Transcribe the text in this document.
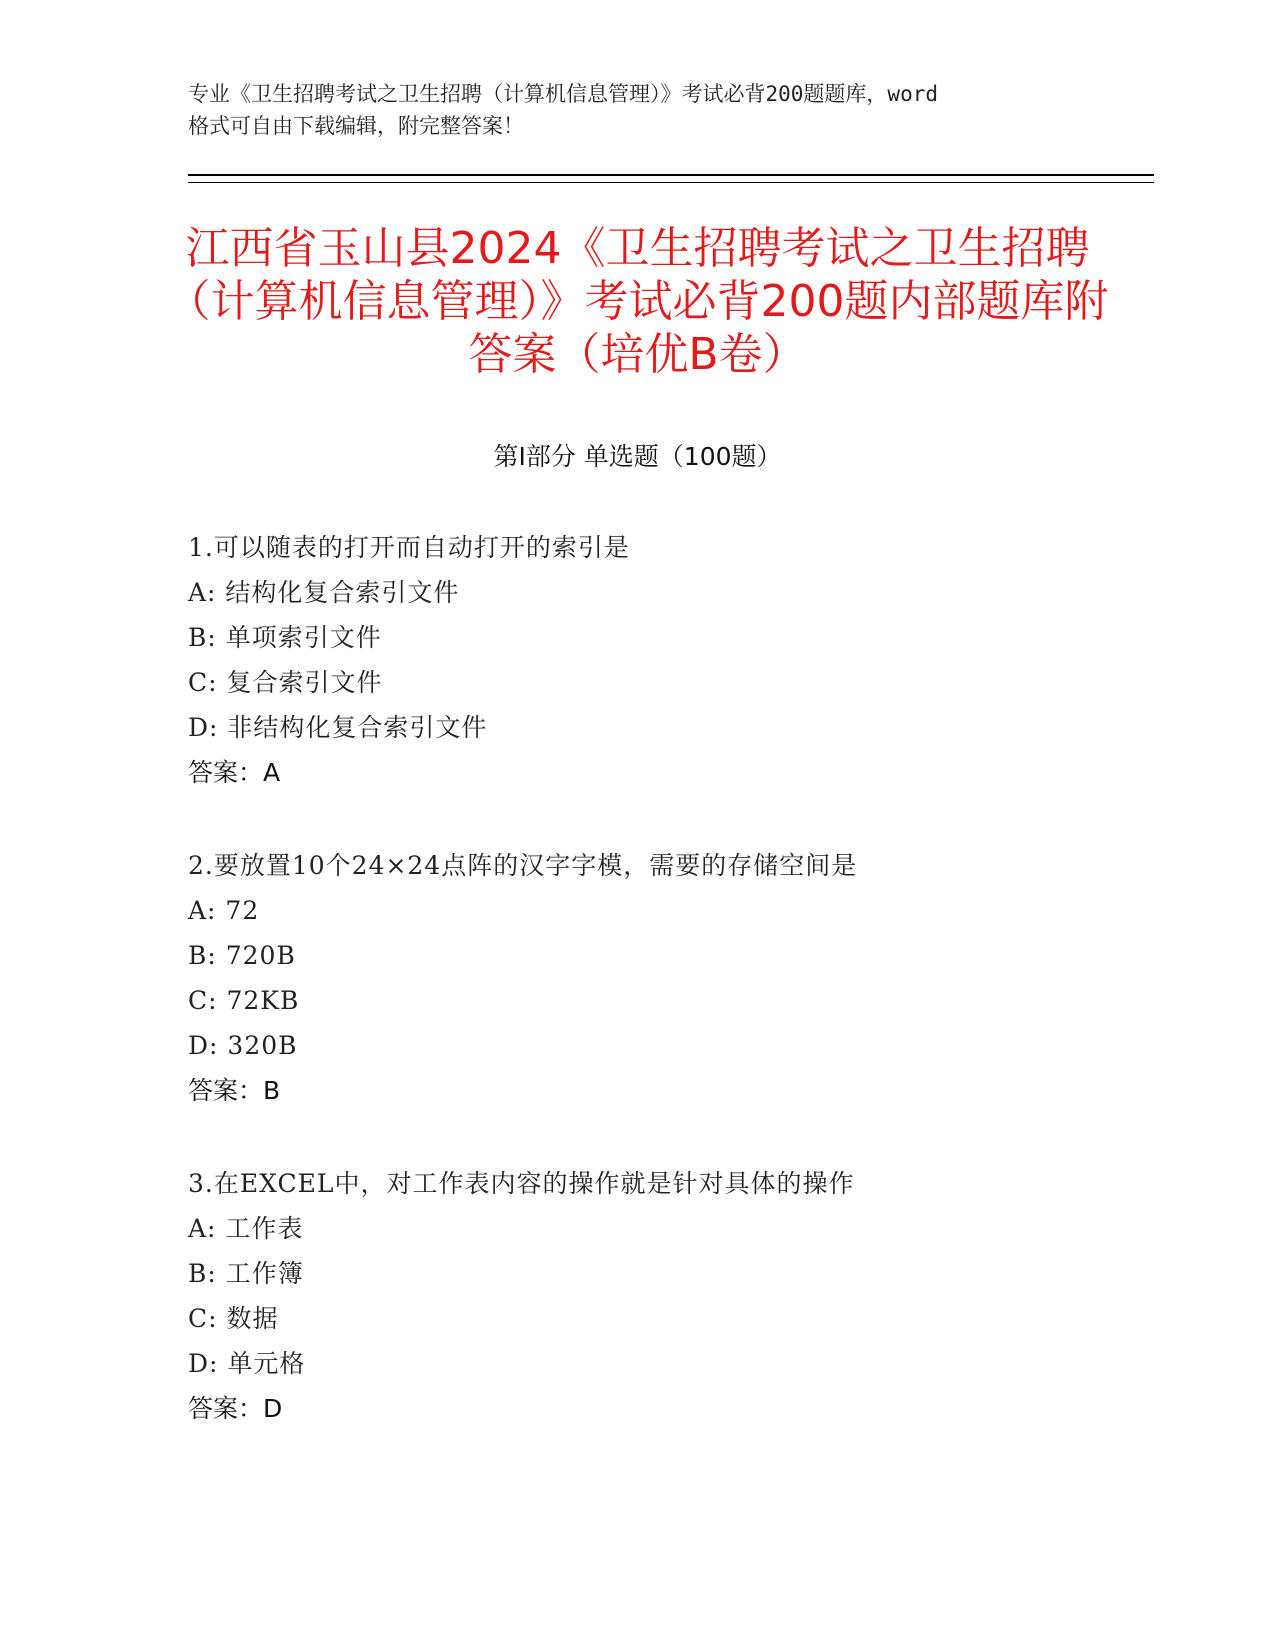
专业《卫生招聘考试之卫生招聘（计算机信息管理）》考试必背200题题库，word

格式可自由下载编辑，附完整答案！

江西省玉山县2024《卫生招聘考试之卫生招聘（计算机信息管理）》考试必背200题内部题库附答案（培优B卷）
第I部分 单选题（100题）

1.可以随表的打开而自动打开的索引是

A: 结构化复合索引文件

B: 单项索引文件

C: 复合索引文件

D: 非结构化复合索引文件

答案：A

2.要放置10个24×24点阵的汉字字模，需要的存储空间是

A: 72

B: 720B

C: 72KB

D: 320B

答案：B

3.在EXCEL中，对工作表内容的操作就是针对具体的操作

A: 工作表

B: 工作簿

C: 数据

D: 单元格

答案：D
